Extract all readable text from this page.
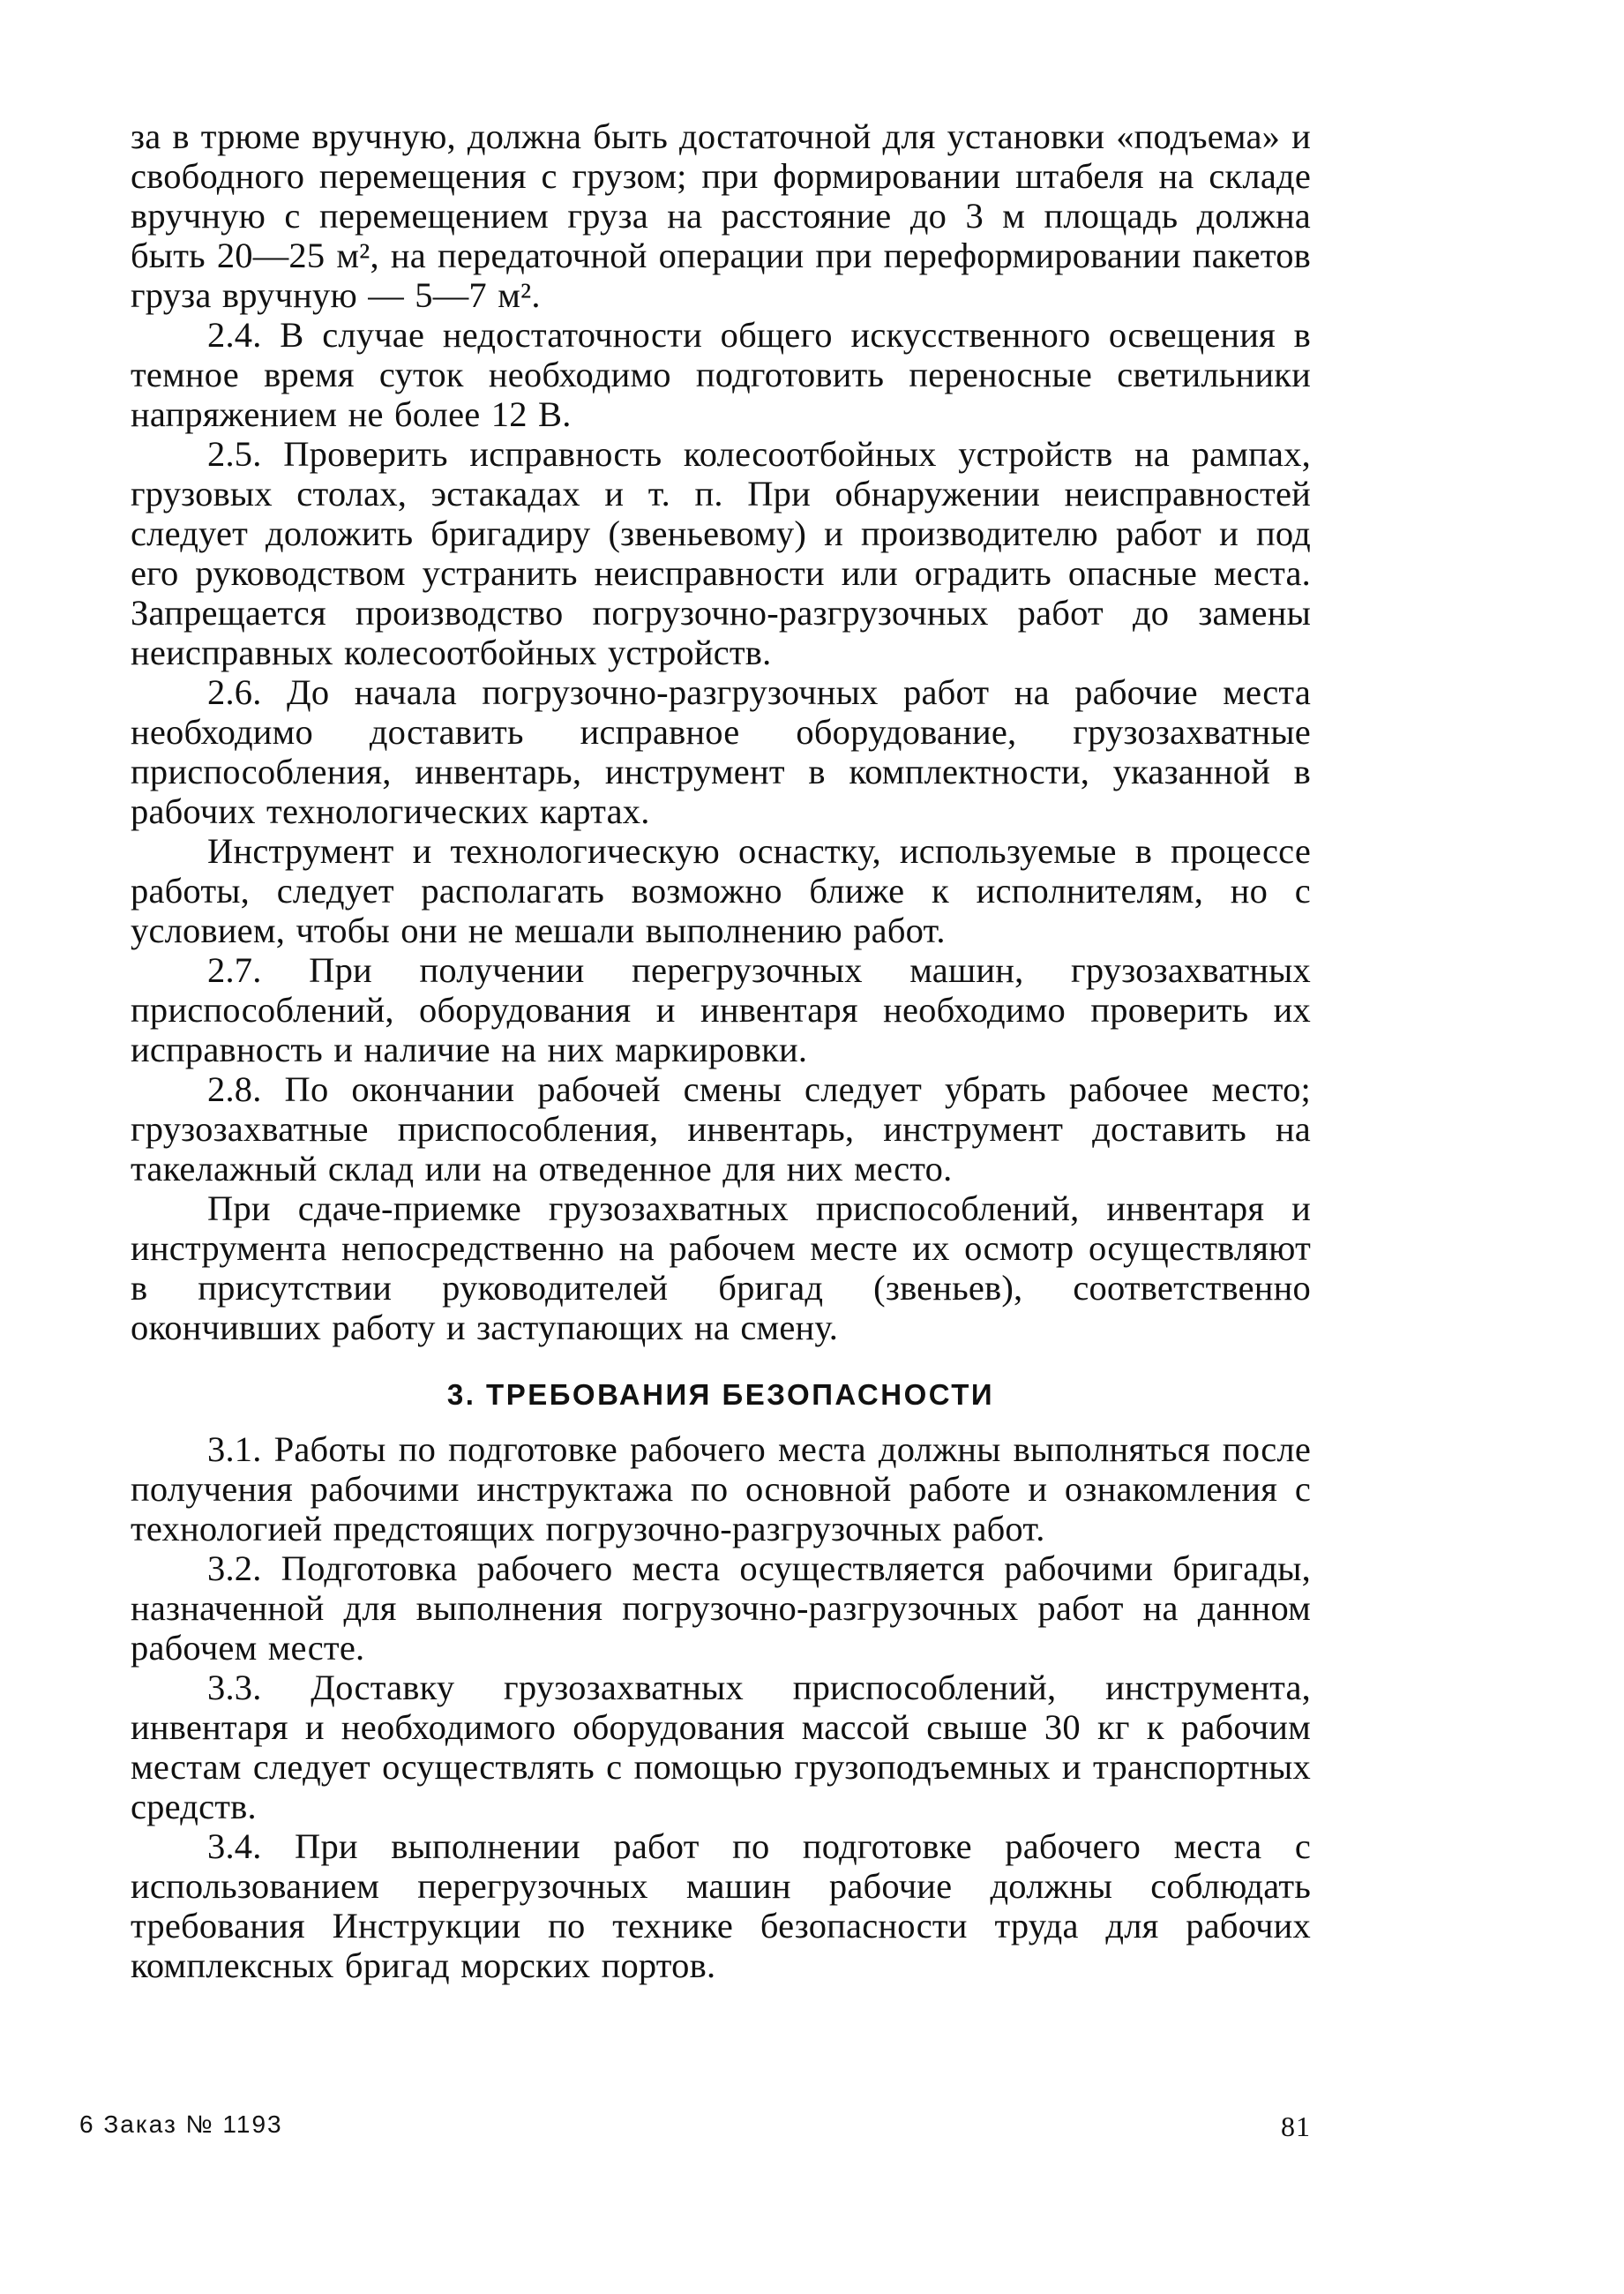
за в трюме вручную, должна быть достаточной для установки «подъема» и свободного перемещения с грузом; при формировании штабеля на складе вручную с перемещением груза на расстояние до 3 м площадь должна быть 20—25 м², на передаточной операции при переформировании пакетов груза вручную — 5—7 м².

2.4. В случае недостаточности общего искусственного освещения в темное время суток необходимо подготовить переносные светильники напряжением не более 12 В.

2.5. Проверить исправность колесоотбойных устройств на рампах, грузовых столах, эстакадах и т. п. При обнаружении неисправностей следует доложить бригадиру (звеньевому) и производителю работ и под его руководством устранить неисправности или оградить опасные места. Запрещается производство погрузочно-разгрузочных работ до замены неисправных колесоотбойных устройств.

2.6. До начала погрузочно-разгрузочных работ на рабочие места необходимо доставить исправное оборудование, грузозахватные приспособления, инвентарь, инструмент в комплектности, указанной в рабочих технологических картах.

Инструмент и технологическую оснастку, используемые в процессе работы, следует располагать возможно ближе к исполнителям, но с условием, чтобы они не мешали выполнению работ.

2.7. При получении перегрузочных машин, грузозахватных приспособлений, оборудования и инвентаря необходимо проверить их исправность и наличие на них маркировки.

2.8. По окончании рабочей смены следует убрать рабочее место; грузозахватные приспособления, инвентарь, инструмент доставить на такелажный склад или на отведенное для них место.

При сдаче-приемке грузозахватных приспособлений, инвентаря и инструмента непосредственно на рабочем месте их осмотр осуществляют в присутствии руководителей бригад (звеньев), соответственно окончивших работу и заступающих на смену.

3. ТРЕБОВАНИЯ БЕЗОПАСНОСТИ

3.1. Работы по подготовке рабочего места должны выполняться после получения рабочими инструктажа по основной работе и ознакомления с технологией предстоящих погрузочно-разгрузочных работ.

3.2. Подготовка рабочего места осуществляется рабочими бригады, назначенной для выполнения погрузочно-разгрузочных работ на данном рабочем месте.

3.3. Доставку грузозахватных приспособлений, инструмента, инвентаря и необходимого оборудования массой свыше 30 кг к рабочим местам следует осуществлять с помощью грузоподъемных и транспортных средств.

3.4. При выполнении работ по подготовке рабочего места с использованием перегрузочных машин рабочие должны соблюдать требования Инструкции по технике безопасности труда для рабочих комплексных бригад морских портов.

6 Заказ № 1193	81
